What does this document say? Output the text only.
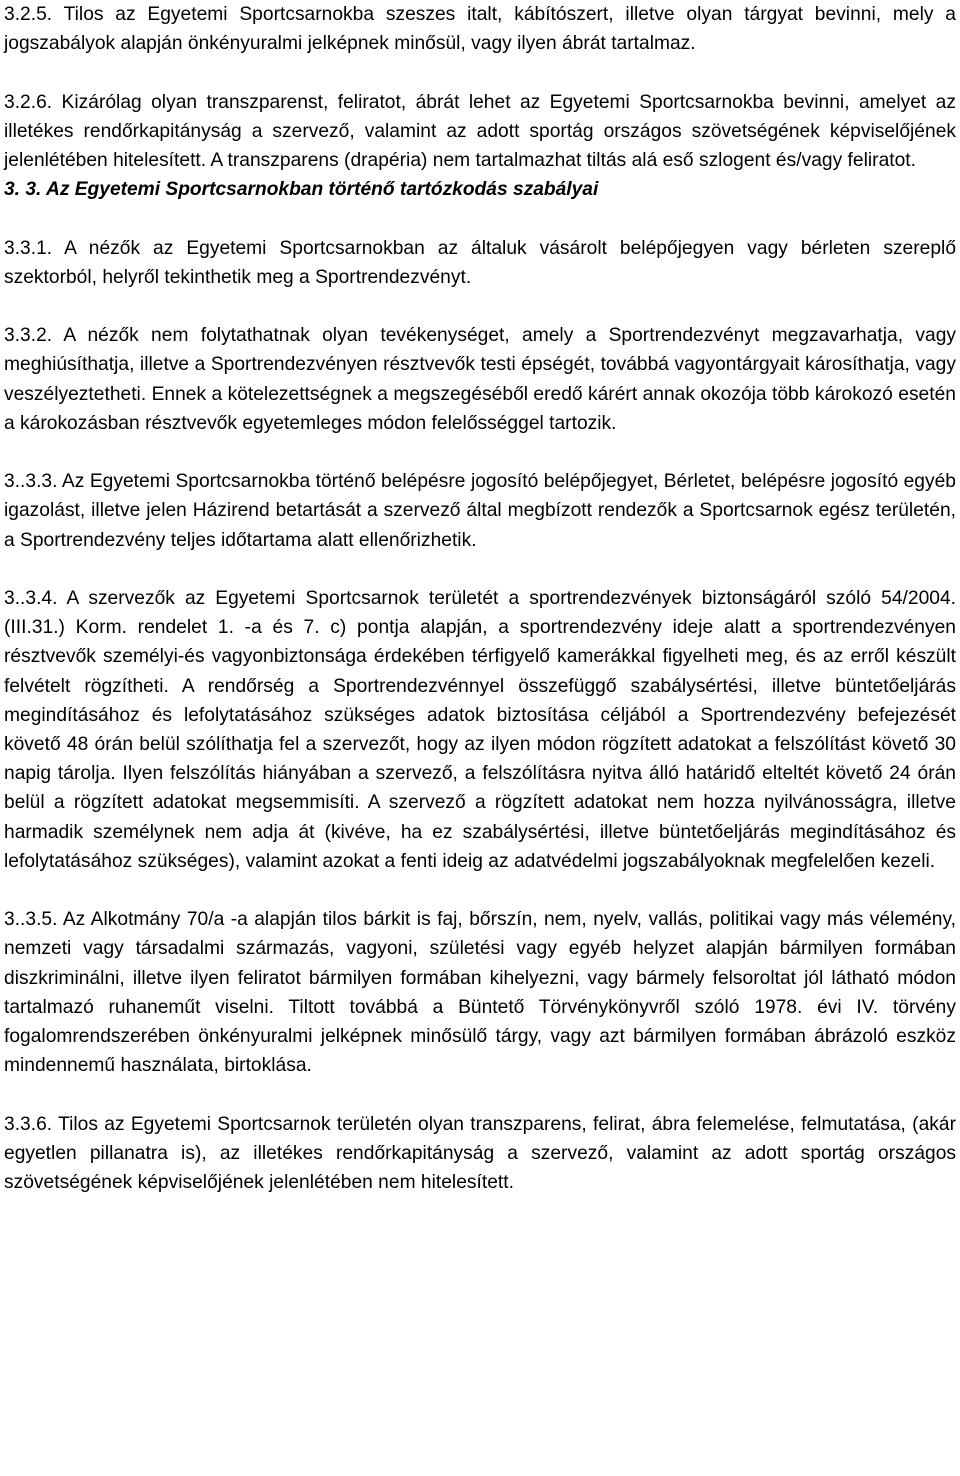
3.2.5. Tilos az Egyetemi Sportcsarnokba szeszes italt, kábítószert, illetve olyan tárgyat bevinni, mely a jogszabályok alapján önkényuralmi jelképnek minősül, vagy ilyen ábrát tartalmaz.

3.2.6. Kizárólag olyan transzparenst, feliratot, ábrát lehet az Egyetemi Sportcsarnokba bevinni, amelyet az illetékes rendőrkapitányság a szervező, valamint az adott sportág országos szövetségének képviselőjének jelenlétében hitelesített. A transzparens (drapéria) nem tartalmazhat tiltás alá eső szlogent és/vagy feliratot.

3. 3. Az Egyetemi Sportcsarnokban történő tartózkodás szabályai

3.3.1. A nézők az Egyetemi Sportcsarnokban az általuk vásárolt belépőjegyen vagy bérleten szereplő szektorból, helyről tekinthetik meg a Sportrendezvényt.

3.3.2. A nézők nem folytathatnak olyan tevékenységet, amely a Sportrendezvényt megzavarhatja, vagy meghiúsíthatja, illetve a Sportrendezvényen résztvevők testi épségét, továbbá vagyontárgyait károsíthatja, vagy veszélyeztetheti. Ennek a kötelezettségnek a megszegéséből eredő kárért annak okozója több károkozó esetén a károkozásban résztvevők egyetemleges módon felelősséggel tartozik.

3..3.3. Az Egyetemi Sportcsarnokba történő belépésre jogosító belépőjegyet, Bérletet, belépésre jogosító egyéb igazolást, illetve jelen Házirend betartását a szervező által megbízott rendezők a Sportcsarnok egész területén, a Sportrendezvény teljes időtartama alatt ellenőrizhetik.

3..3.4. A szervezők az Egyetemi Sportcsarnok területét a sportrendezvények biztonságáról szóló 54/2004. (III.31.) Korm. rendelet 1. -a és 7. c) pontja alapján, a sportrendezvény ideje alatt a sportrendezvényen résztvevők személyi-és vagyonbiztonsága érdekében térfigyelő kamerákkal figyelheti meg, és az erről készült felvételt rögzítheti. A rendőrség a Sportrendezvénnyel összefüggő szabálysértési, illetve büntetőeljárás megindításához és lefolytatásához szükséges adatok biztosítása céljából a Sportrendezvény befejezését követő 48 órán belül szólíthatja fel a szervezőt, hogy az ilyen módon rögzített adatokat a felszólítást követő 30 napig tárolja. Ilyen felszólítás hiányában a szervező, a felszólításra nyitva álló határidő elteltét követő 24 órán belül a rögzített adatokat megsemmisíti. A szervező a rögzített adatokat nem hozza nyilvánosságra, illetve harmadik személynek nem adja át (kivéve, ha ez szabálysértési, illetve büntetőeljárás megindításához és lefolytatásához szükséges), valamint azokat a fenti ideig az adatvédelmi jogszabályoknak megfelelően kezeli.

3..3.5. Az Alkotmány 70/a -a alapján tilos bárkit is faj, bőrszín, nem, nyelv, vallás, politikai vagy más vélemény, nemzeti vagy társadalmi származás, vagyoni, születési vagy egyéb helyzet alapján bármilyen formában diszkriminálni, illetve ilyen feliratot bármilyen formában kihelyezni, vagy bármely felsoroltat jól látható módon tartalmazó ruhaneműt viselni. Tiltott továbbá a Büntető Törvénykönyvről szóló 1978. évi IV. törvény fogalomrendszerében önkényuralmi jelképnek minősülő tárgy, vagy azt bármilyen formában ábrázoló eszköz mindennemű használata, birtoklása.

3.3.6. Tilos az Egyetemi Sportcsarnok területén olyan transzparens, felirat, ábra felemelése, felmutatása, (akár egyetlen pillanatra is), az illetékes rendőrkapitányság a szervező, valamint az adott sportág országos szövetségének képviselőjének jelenlétében nem hitelesített.
